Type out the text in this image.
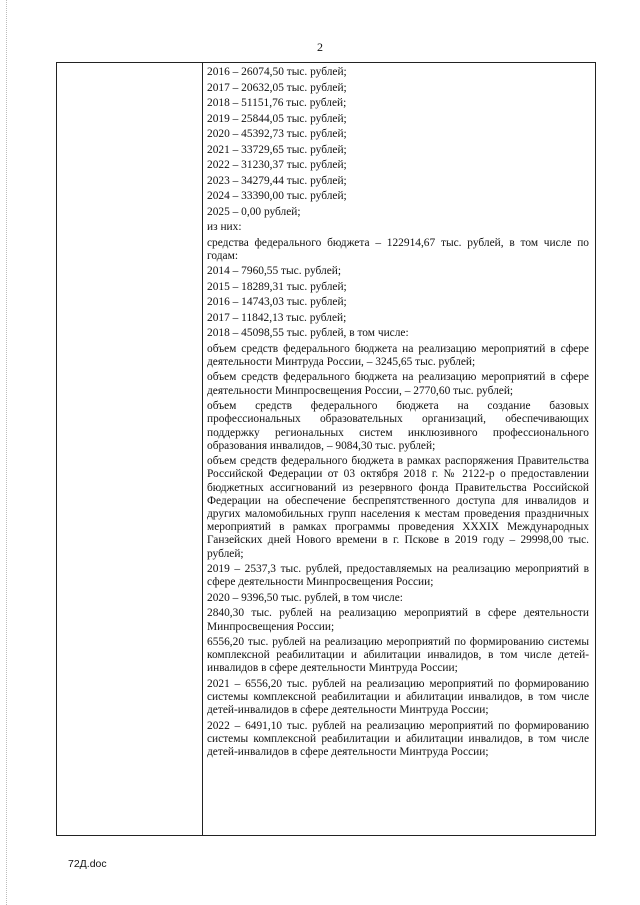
2

2016 – 26074,50 тыс. рублей;

2017 – 20632,05 тыс. рублей;

2018 – 51151,76 тыс. рублей;

2019 – 25844,05 тыс. рублей;

2020 – 45392,73 тыс. рублей;

2021 – 33729,65 тыс. рублей;

2022 – 31230,37 тыс. рублей;

2023 – 34279,44 тыс. рублей;

2024 – 33390,00 тыс. рублей;

2025 – 0,00 рублей;

из них:

средства федерального бюджета – 122914,67 тыс. рублей, в том числе по годам:

2014 – 7960,55 тыс. рублей;

2015 – 18289,31 тыс. рублей;

2016 – 14743,03 тыс. рублей;

2017 – 11842,13 тыс. рублей;

2018 – 45098,55 тыс. рублей, в том числе:

объем средств федерального бюджета на реализацию мероприятий в сфере деятельности Минтруда России, – 3245,65 тыс. рублей;

объем средств федерального бюджета на реализацию мероприятий в сфере деятельности Минпросвещения России, – 2770,60 тыс. рублей;

объем средств федерального бюджета на создание базовых профессиональных образовательных организаций, обеспечивающих поддержку региональных систем инклюзивного профессионального образования инвалидов, – 9084,30 тыс. рублей;

объем средств федерального бюджета в рамках распоряжения Правительства Российской Федерации от 03 октября 2018 г. № 2122-р о предоставлении бюджетных ассигнований из резервного фонда Правительства Российской Федерации на обеспечение беспрепятственного доступа для инвалидов и других маломобильных групп населения к местам проведения праздничных мероприятий в рамках программы проведения XXXIX Международных Ганзейских дней Нового времени в г. Пскове в 2019 году – 29998,00 тыс. рублей;

2019 – 2537,3 тыс. рублей, предоставляемых на реализацию мероприятий в сфере деятельности Минпросвещения России;

2020 – 9396,50 тыс. рублей, в том числе:

2840,30 тыс. рублей на реализацию мероприятий в сфере деятельности Минпросвещения России;

6556,20 тыс. рублей на реализацию мероприятий по формированию системы комплексной реабилитации и абилитации инвалидов, в том числе детей-инвалидов в сфере деятельности Минтруда России;

2021 – 6556,20 тыс. рублей на реализацию мероприятий по формированию системы комплексной реабилитации и абилитации инвалидов, в том числе детей-инвалидов в сфере деятельности Минтруда России;

2022 – 6491,10 тыс. рублей на реализацию мероприятий по формированию системы комплексной реабилитации и абилитации инвалидов, в том числе детей-инвалидов в сфере деятельности Минтруда России;

72Д.doc
